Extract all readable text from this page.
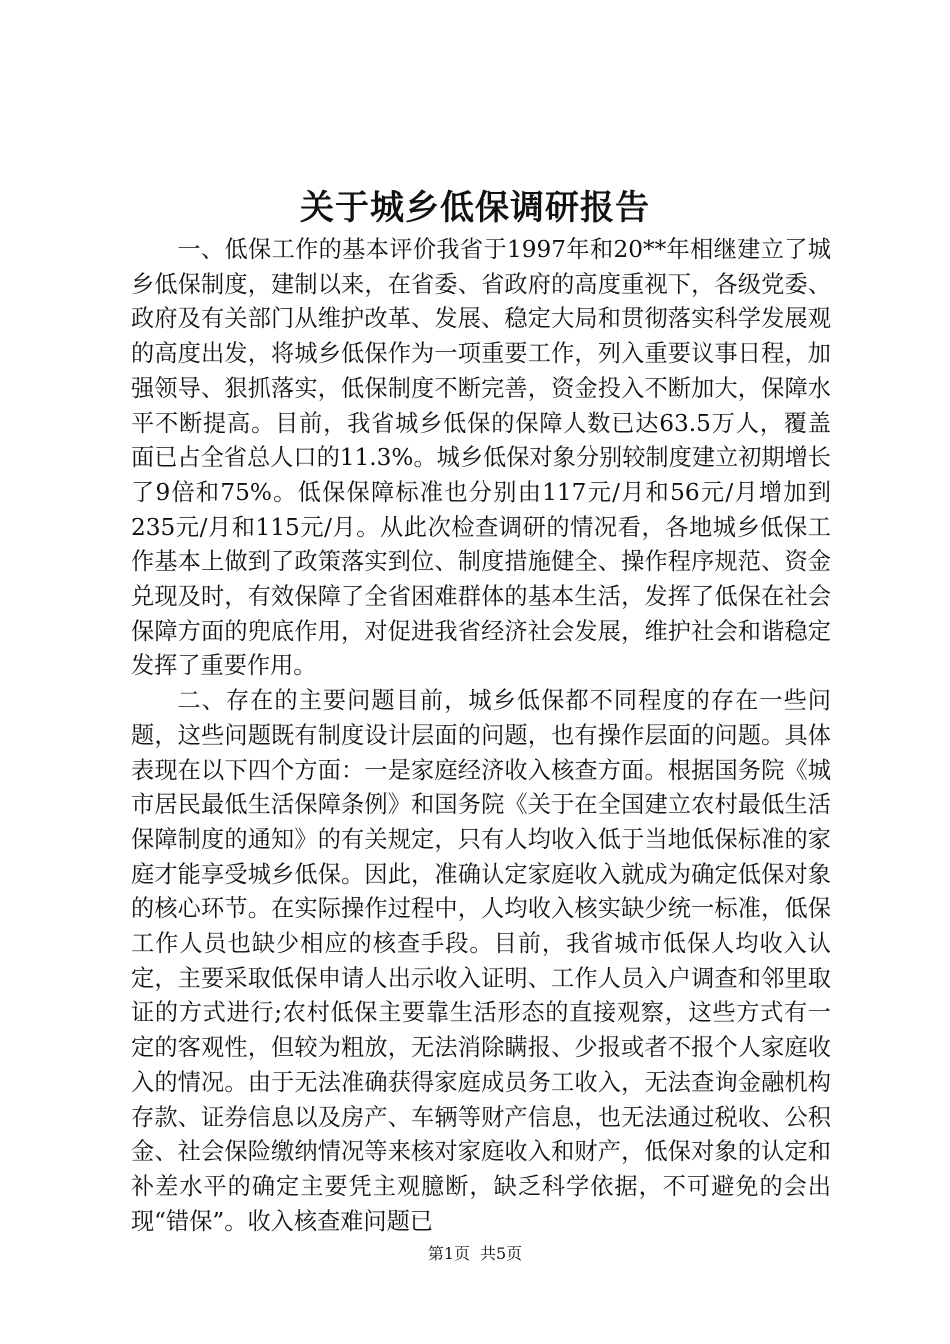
关于城乡低保调研报告

一、低保工作的基本评价我省于1997年和20**年相继建立了城乡低保制度，建制以来，在省委、省政府的高度重视下，各级党委、政府及有关部门从维护改革、发展、稳定大局和贯彻落实科学发展观的高度出发，将城乡低保作为一项重要工作，列入重要议事日程，加强领导、狠抓落实，低保制度不断完善，资金投入不断加大，保障水平不断提高。目前，我省城乡低保的保障人数已达63.5万人，覆盖面已占全省总人口的11.3%。城乡低保对象分别较制度建立初期增长了9倍和75%。低保保障标准也分别由117元/月和56元/月增加到235元/月和115元/月。从此次检查调研的情况看，各地城乡低保工作基本上做到了政策落实到位、制度措施健全、操作程序规范、资金兑现及时，有效保障了全省困难群体的基本生活，发挥了低保在社会保障方面的兜底作用，对促进我省经济社会发展，维护社会和谐稳定发挥了重要作用。

二、存在的主要问题目前，城乡低保都不同程度的存在一些问题，这些问题既有制度设计层面的问题，也有操作层面的问题。具体表现在以下四个方面：一是家庭经济收入核查方面。根据国务院《城市居民最低生活保障条例》和国务院《关于在全国建立农村最低生活保障制度的通知》的有关规定，只有人均收入低于当地低保标准的家庭才能享受城乡低保。因此，准确认定家庭收入就成为确定低保对象的核心环节。在实际操作过程中，人均收入核实缺少统一标准，低保工作人员也缺少相应的核查手段。目前，我省城市低保人均收入认定，主要采取低保申请人出示收入证明、工作人员入户调查和邻里取证的方式进行;农村低保主要靠生活形态的直接观察，这些方式有一定的客观性，但较为粗放，无法消除瞒报、少报或者不报个人家庭收入的情况。由于无法准确获得家庭成员务工收入，无法查询金融机构存款、证券信息以及房产、车辆等财产信息，也无法通过税收、公积金、社会保险缴纳情况等来核对家庭收入和财产，低保对象的认定和补差水平的确定主要凭主观臆断，缺乏科学依据，不可避免的会出现“错保”。收入核查难问题已

第1页 共5页
